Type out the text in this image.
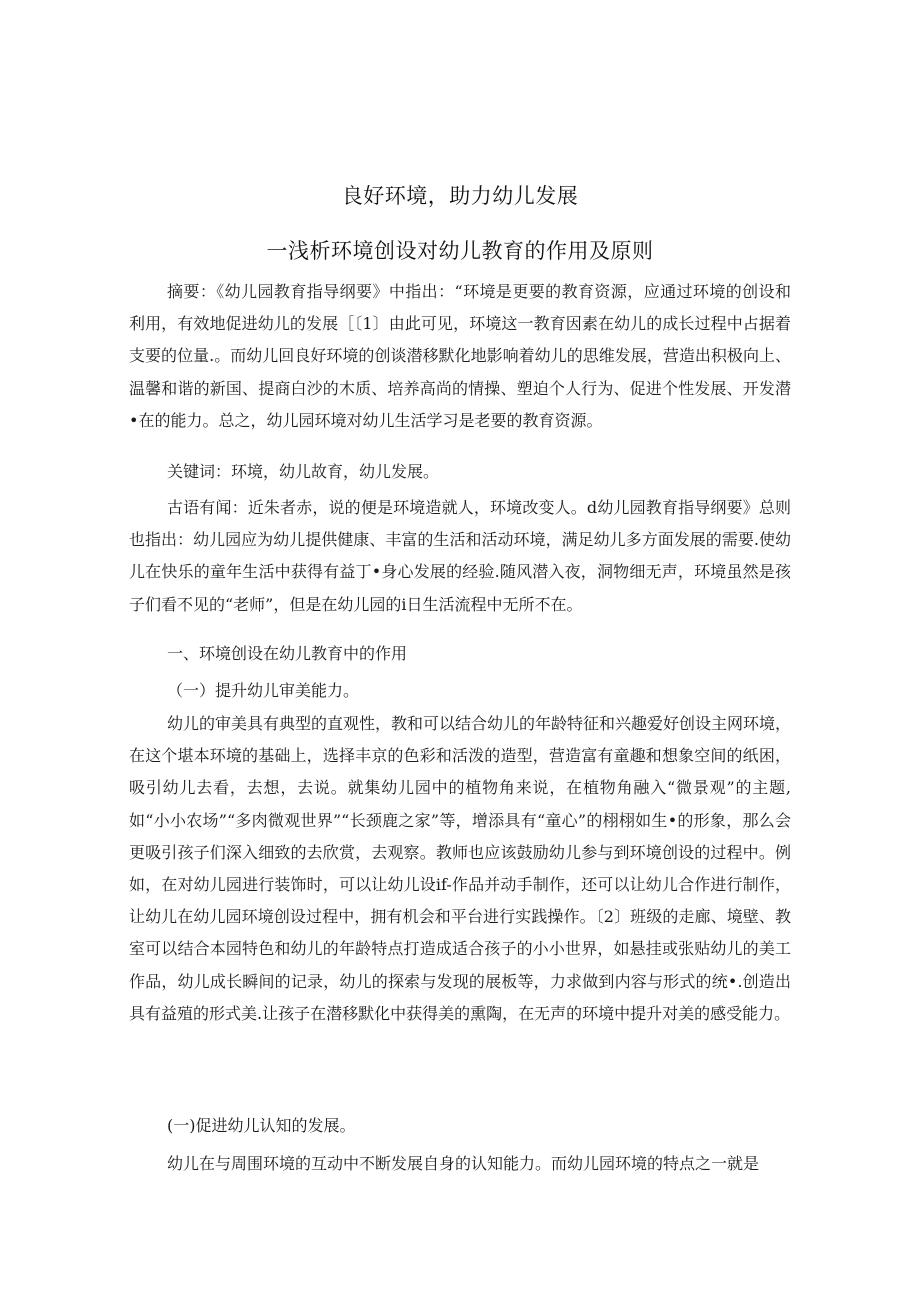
良好环境，助力幼儿发展
一浅析环境创设对幼儿教育的作用及原则

摘要：《幼儿园教育指导纲要》中指出：“环境是更要的教育资源，应通过环境的创设和利用，有效地促进幼儿的发展［〔1〕由此可见，环境这一教育因素在幼儿的成长过程中占据着支要的位量.。而幼儿回良好环境的创谈潜移默化地影响着幼儿的思维发展，营造出积极向上、温馨和谐的新国、提商白沙的木质、培养高尚的情操、塑迫个人行为、促进个性发展、开发潜•在的能力。总之，幼儿园环境对幼儿生活学习是老要的教育资源。

关键词：环境，幼儿故育，幼儿发展。

古语有闻：近朱者赤，说的便是环境造就人，环境改变人。d幼儿园教育指导纲要》总则也指出：幼儿园应为幼儿提供健康、丰富的生活和活动环境，满足幼儿多方面发展的需要.使幼儿在快乐的童年生活中获得有益丁•身心发展的经验.随风潜入夜，洞物细无声，环境虽然是孩子们看不见的“老师”，但是在幼儿园的i日生活流程中无所不在。

一、环境创设在幼儿教育中的作用

（一）提升幼儿审美能力。

幼儿的审美具有典型的直观性，教和可以结合幼儿的年龄特征和兴趣爱好创设主网环境，在这个堪本环境的基础上，选择丰京的色彩和活泼的造型，营造富有童趣和想象空间的纸困，吸引幼儿去看，去想，去说。就集幼儿园中的植物角来说，在植物角融入“微景观”的主题,如“小小农场”“多肉微观世界”“长颈鹿之家”等，增添具有“童心”的栩栩如生•的形象，那么会更吸引孩子们深入细致的去欣赏，去观察。教师也应该鼓励幼儿参与到环境创设的过程中。例如，在对幼儿园进行装饰时，可以让幼儿设if-作品并动手制作，还可以让幼儿合作进行制作，让幼儿在幼儿园环境创设过程中，拥有机会和平台进行实践操作。〔2〕班级的走廊、境壁、教室可以结合本园特色和幼儿的年龄特点打造成适合孩子的小小世界，如悬挂或张贴幼儿的美工作品，幼儿成长瞬间的记录，幼儿的探索与发现的展板等，力求做到内容与形式的统•.创造出具有益殖的形式美.让孩子在潜移默化中获得美的熏陶，在无声的环境中提升对美的感受能力。

(一)促进幼儿认知的发展。

幼儿在与周围环境的互动中不断发展自身的认知能力。而幼儿园环境的特点之一就是
